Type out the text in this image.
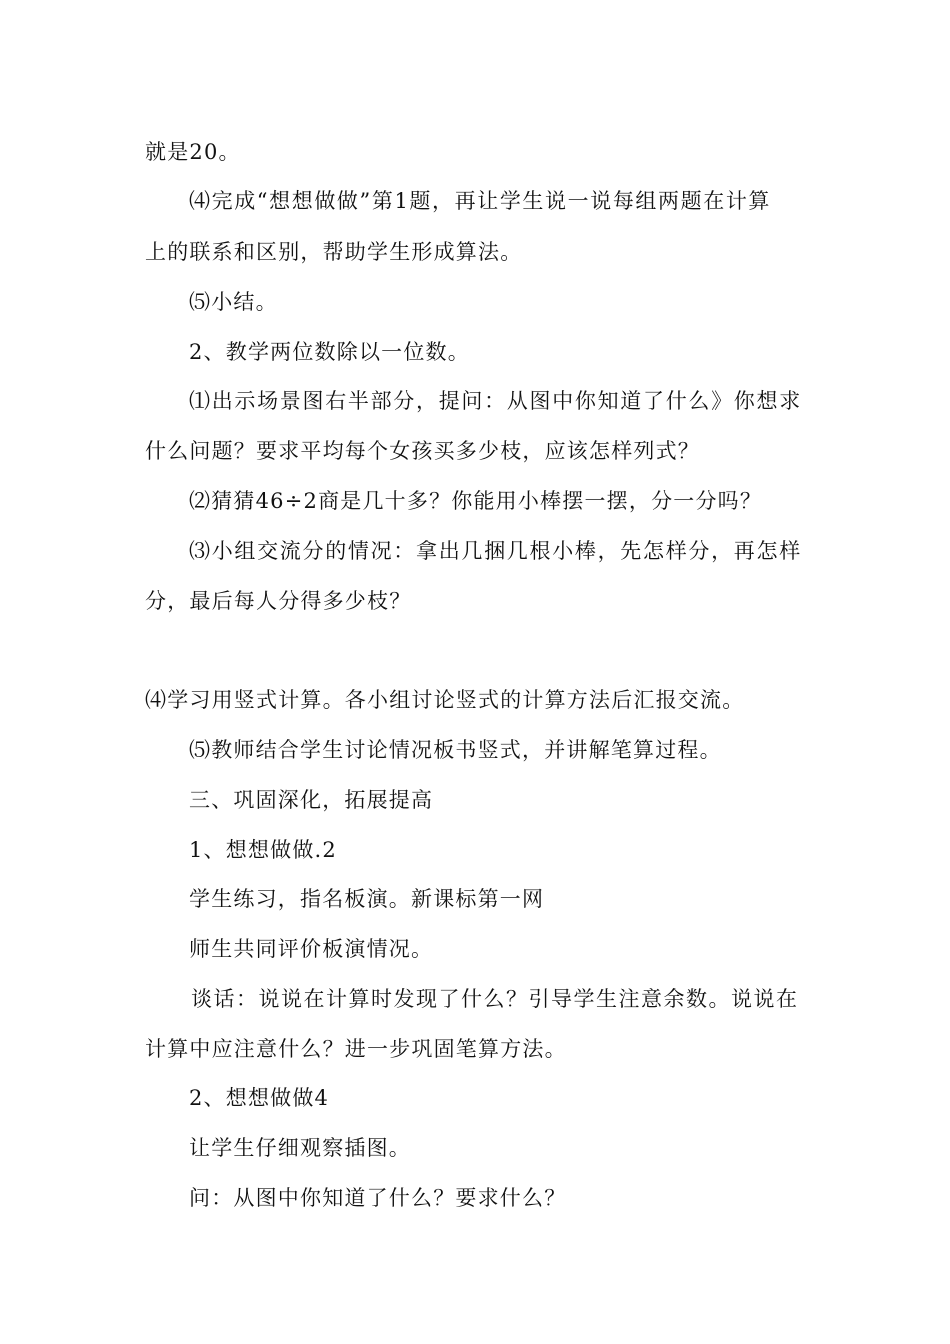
就是20。
⑷完成“想想做做”第1题，再让学生说一说每组两题在计算
上的联系和区别，帮助学生形成算法。
⑸小结。
2、教学两位数除以一位数。
⑴出示场景图右半部分，提问：从图中你知道了什么》你想求
什么问题？要求平均每个女孩买多少枝，应该怎样列式？
⑵猜猜46÷2商是几十多？你能用小棒摆一摆，分一分吗？
⑶小组交流分的情况：拿出几捆几根小棒，先怎样分，再怎样
分，最后每人分得多少枝？
⑷学习用竖式计算。各小组讨论竖式的计算方法后汇报交流。
⑸教师结合学生讨论情况板书竖式，并讲解笔算过程。
三、巩固深化，拓展提高
1、想想做做.2
学生练习，指名板演。新课标第一网
师生共同评价板演情况。
谈话：说说在计算时发现了什么？引导学生注意余数。说说在
计算中应注意什么？进一步巩固笔算方法。
2、想想做做4
让学生仔细观察插图。
问：从图中你知道了什么？要求什么？
